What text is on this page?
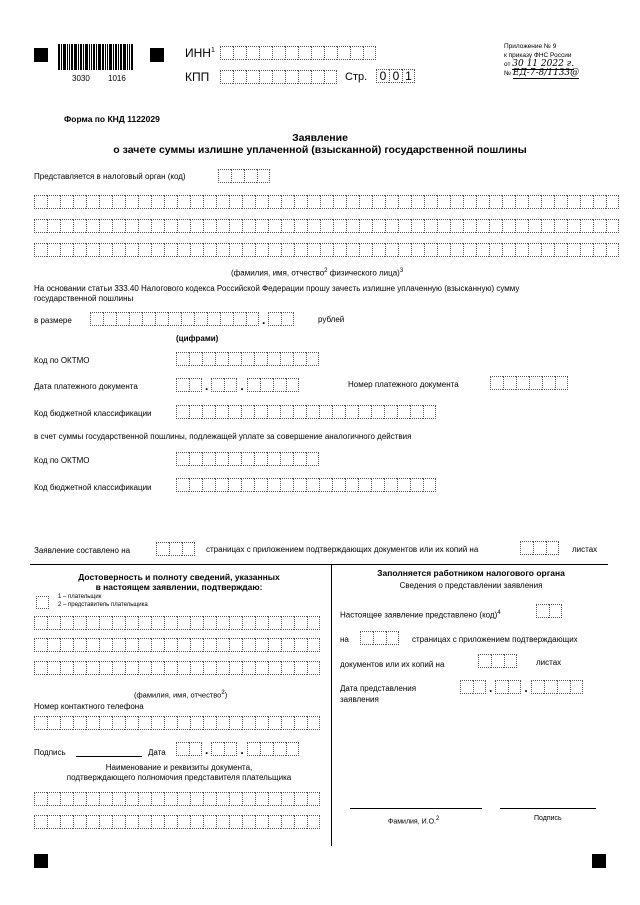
3030 1016
ИНН$^1$
КПП	Стр.	0 0 1
Приложение № 9
к приказу ФНС России
от 30 11 2022 г.
№ ЕД-7-8/1133@
Форма по КНД 1122029
Заявление
о зачете суммы излишне уплаченной (взысканной) государственной пошлины
Представляется в налоговый орган (код)
(фамилия, имя, отчество$^2$ физического лица)$^3$
На основании статьи 333.40 Налогового кодекса Российской Федерации прошу зачесть излишне уплаченную (взысканную) сумму
государственной пошлины
в размере	.	рублей
(цифрами)
Код по ОКТМО
Дата платежного документа	.	.	Номер платежного документа
Код бюджетной классификации
в счет суммы государственной пошлины, подлежащей уплате за совершение аналогичного действия
Код по ОКТМО
Код бюджетной классификации
Заявление составлено на	страницах с приложением подтверждающих документов или их копий на	листах
Достоверность и полноту сведений, указанных
в настоящем заявлении, подтверждаю:
1 – плательщик
2 – представитель плательщика
(фамилия, имя, отчество$^2$)
Номер контактного телефона
Подпись	Дата	.	.
Наименование и реквизиты документа,
подтверждающего полномочия представителя плательщика
Заполняется работником налогового органа
Сведения о представлении заявления
Настоящее заявление представлено (код)$^4$
на	страницах с приложением подтверждающих
документов или их копий на	листах
Дата представления
заявления
.	.
Фамилия, И.О.$^2$	Подпись
